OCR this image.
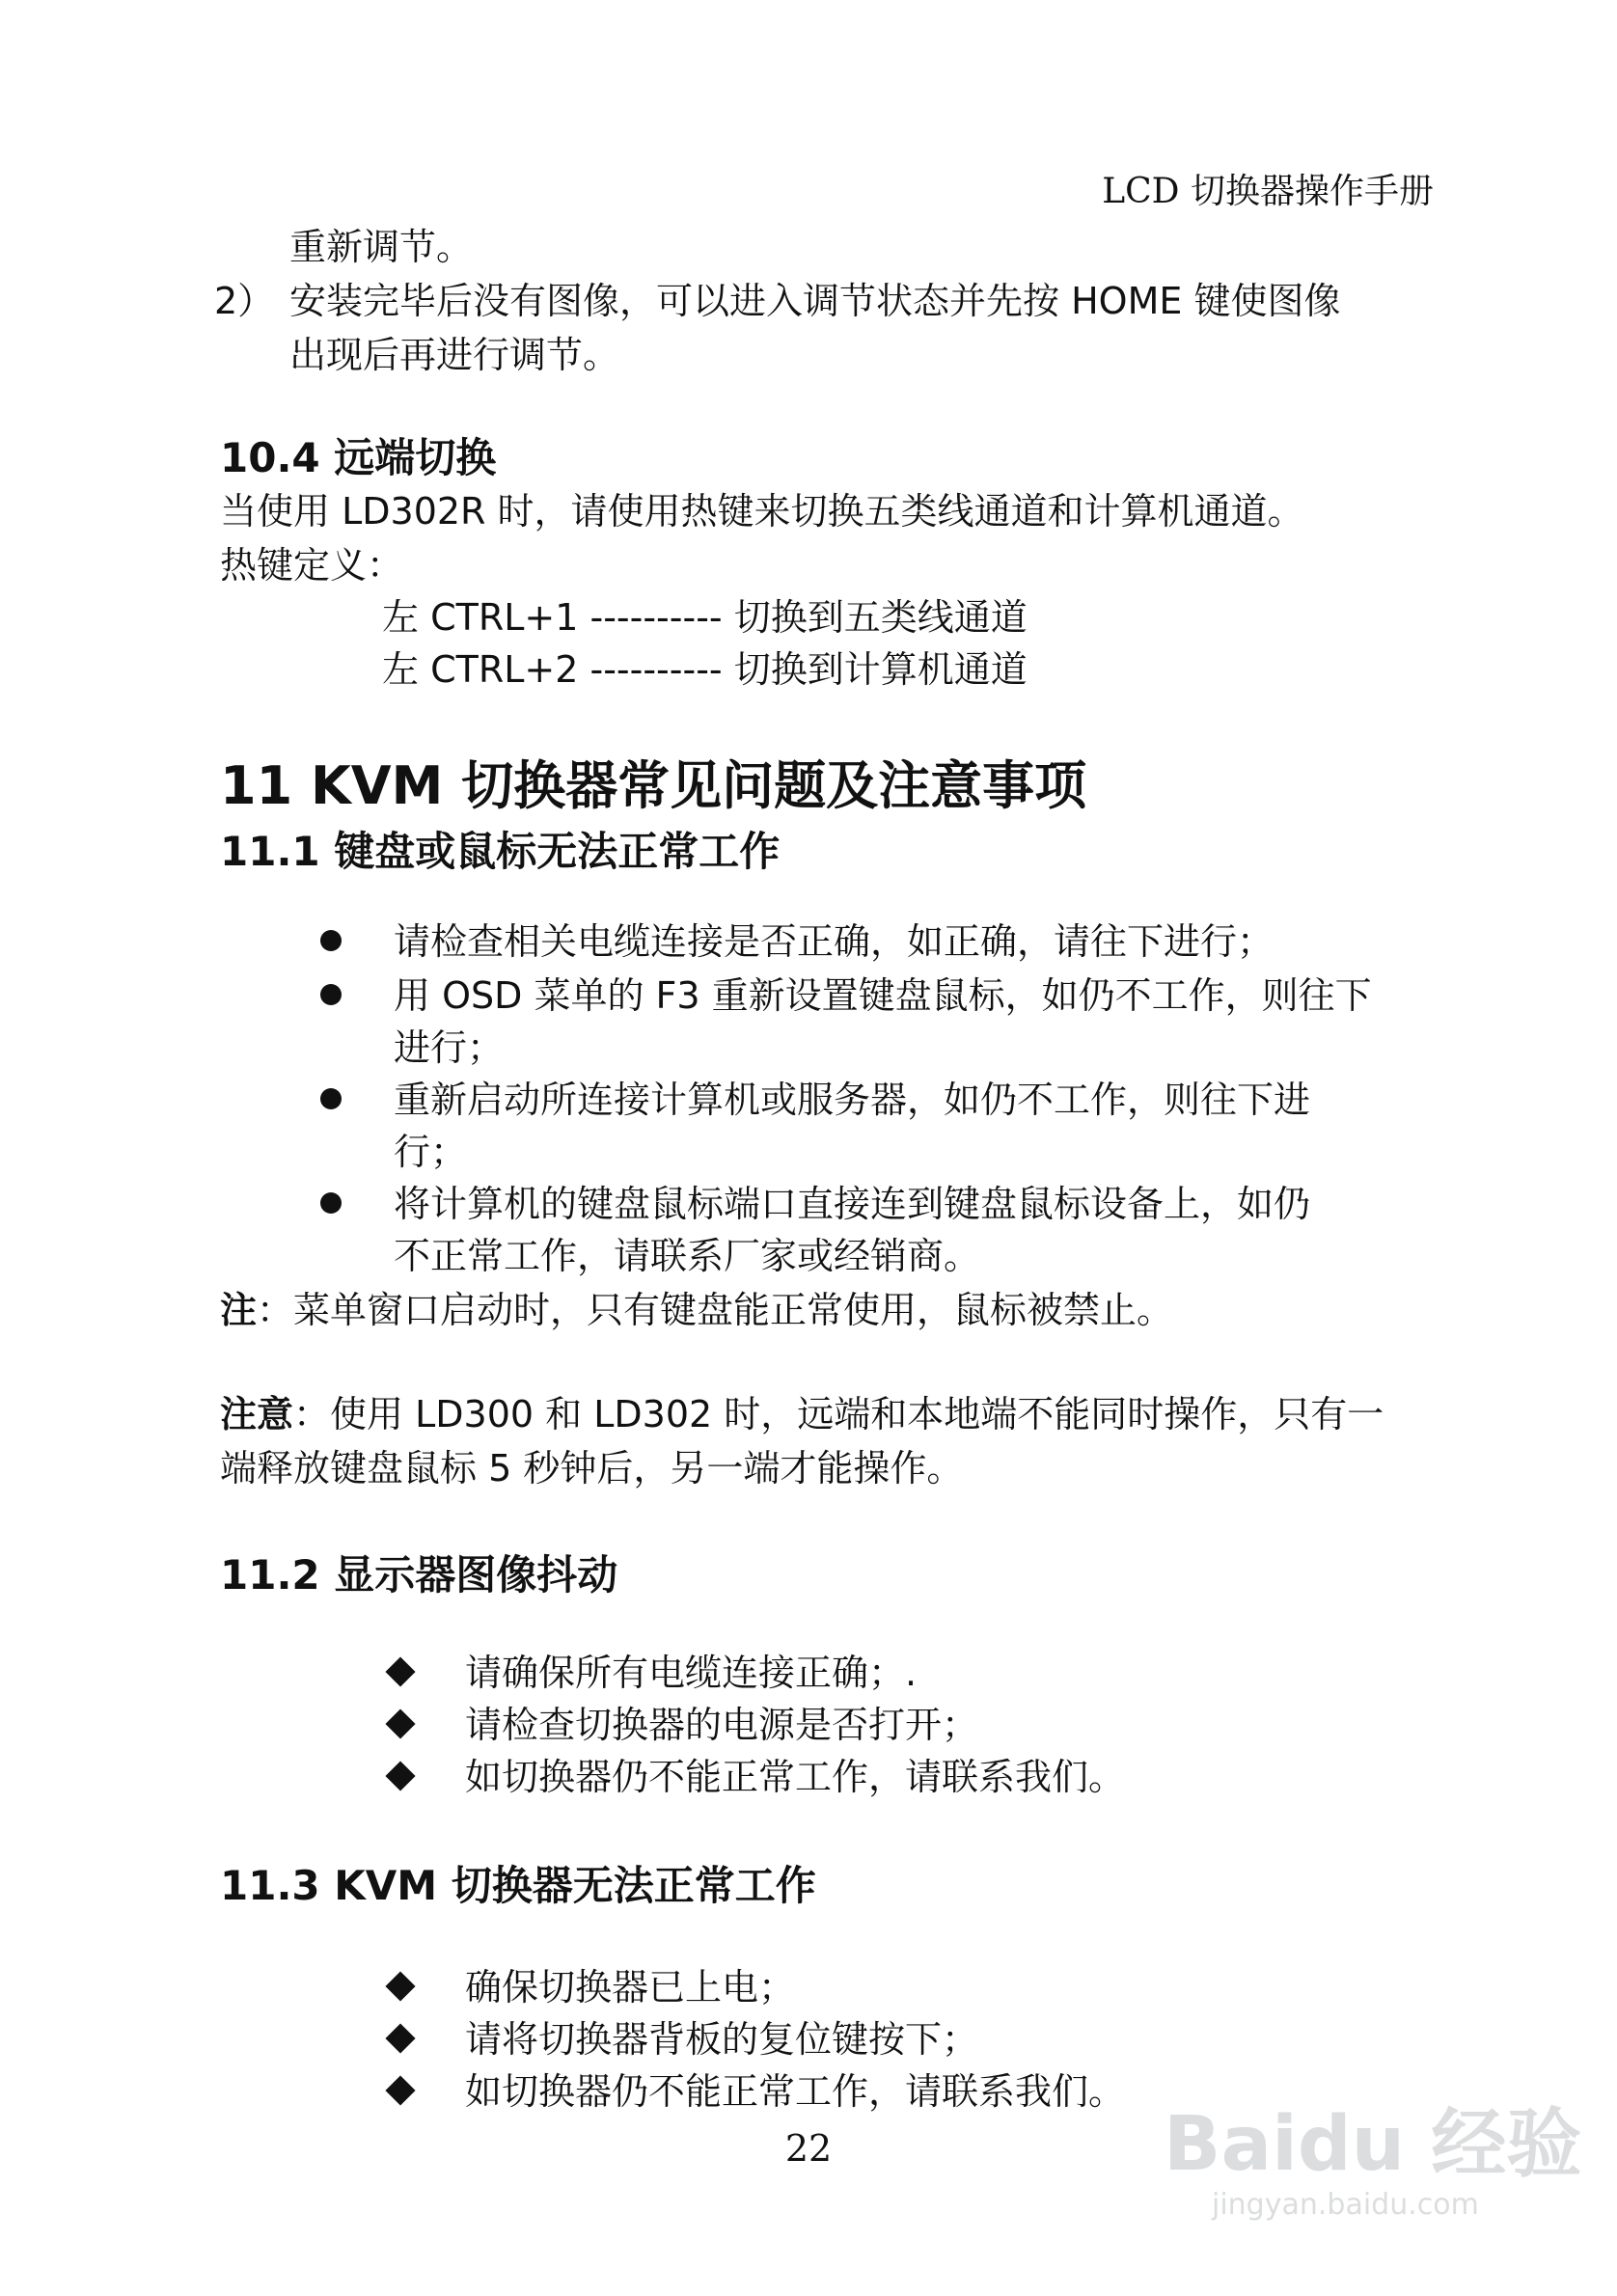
LCD 切换器操作手册
重新调节。
2） 安装完毕后没有图像，可以进入调节状态并先按 HOME 键使图像
出现后再进行调节。
10.4 远端切换
当使用 LD302R 时，请使用热键来切换五类线通道和计算机通道。
热键定义：
左 CTRL+1 ---------- 切换到五类线通道
左 CTRL+2 ---------- 切换到计算机通道
11 KVM 切换器常见问题及注意事项
11.1 键盘或鼠标无法正常工作
请检查相关电缆连接是否正确，如正确，请往下进行；
用 OSD 菜单的 F3 重新设置键盘鼠标，如仍不工作，则往下
进行；
重新启动所连接计算机或服务器，如仍不工作，则往下进
行；
将计算机的键盘鼠标端口直接连到键盘鼠标设备上，如仍
不正常工作，请联系厂家或经销商。
注：菜单窗口启动时，只有键盘能正常使用，鼠标被禁止。
注意：使用 LD300 和 LD302 时，远端和本地端不能同时操作，只有一
端释放键盘鼠标 5 秒钟后，另一端才能操作。
11.2 显示器图像抖动
请确保所有电缆连接正确；.
请检查切换器的电源是否打开；
如切换器仍不能正常工作，请联系我们。
11.3 KVM 切换器无法正常工作
确保切换器已上电；
请将切换器背板的复位键按下；
如切换器仍不能正常工作，请联系我们。
22	Baidu 经验
jingyan.baidu.com
